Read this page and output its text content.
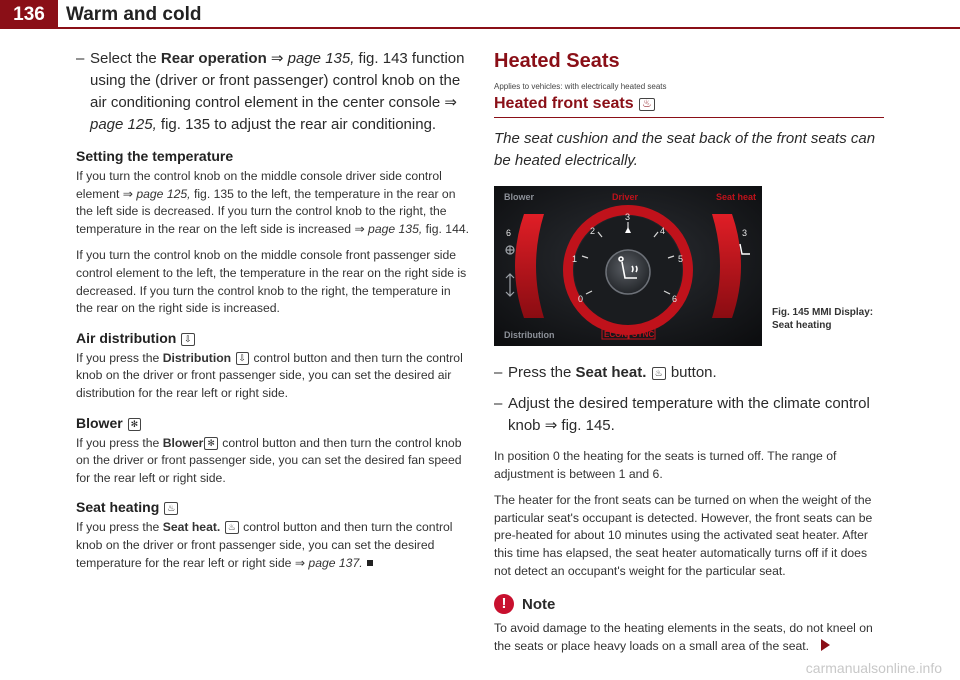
136	Warm and cold
– Select the Rear operation ⇒ page 135, fig. 143 function using the (driver or front passenger) control knob on the air conditioning control element in the center console ⇒ page 125, fig. 135 to adjust the rear air conditioning.
Setting the temperature

If you turn the control knob on the middle console driver side control element ⇒ page 125, fig. 135 to the left, the temperature in the rear on the left side is decreased. If you turn the control knob to the right, the temperature in the rear on the left side is increased ⇒ page 135, fig. 144.

If you turn the control knob on the middle console front passenger side control element to the left, the temperature in the rear on the right side is decreased. If you turn the control knob to the right, the temperature in the rear on the right side is increased.

Air distribution ⇩

If you press the Distribution ⇩ control button and then turn the control knob on the driver or front passenger side, you can set the desired air distribution for the rear left or right side.

Blower ✻

If you press the Blower ✻ control button and then turn the control knob on the driver or front passenger side, you can set the desired fan speed for the rear left or right side.

Seat heating ♨

If you press the Seat heat. ♨ control button and then turn the control knob on the driver or front passenger side, you can set the desired temperature for the rear left or right side ⇒ page 137.

Heated Seats
Applies to vehicles: with electrically heated seats
Heated front seats ♨
The seat cushion and the seat back of the front seats can be heated electrically.
3
2	4
1	5
0	6
Blower	Driver	Seat heat
Distribution
6	3
ECON SYNC
Fig. 145 MMI Display:
Seat heating
– Press the Seat heat. ♨ button.
– Adjust the desired temperature with the climate control knob ⇒ fig. 145.

In position 0 the heating for the seats is turned off. The range of adjustment is between 1 and 6.

The heater for the front seats can be turned on when the weight of the particular seat's occupant is detected. However, the front seats can be pre-heated for about 10 minutes using the activated seat heater. After this time has elapsed, the seat heater automatically turns off if it does not detect an occupant's weight for the particular seat.

!	Note

To avoid damage to the heating elements in the seats, do not kneel on the seats or place heavy loads on a small area of the seat.

carmanualsonline.info
